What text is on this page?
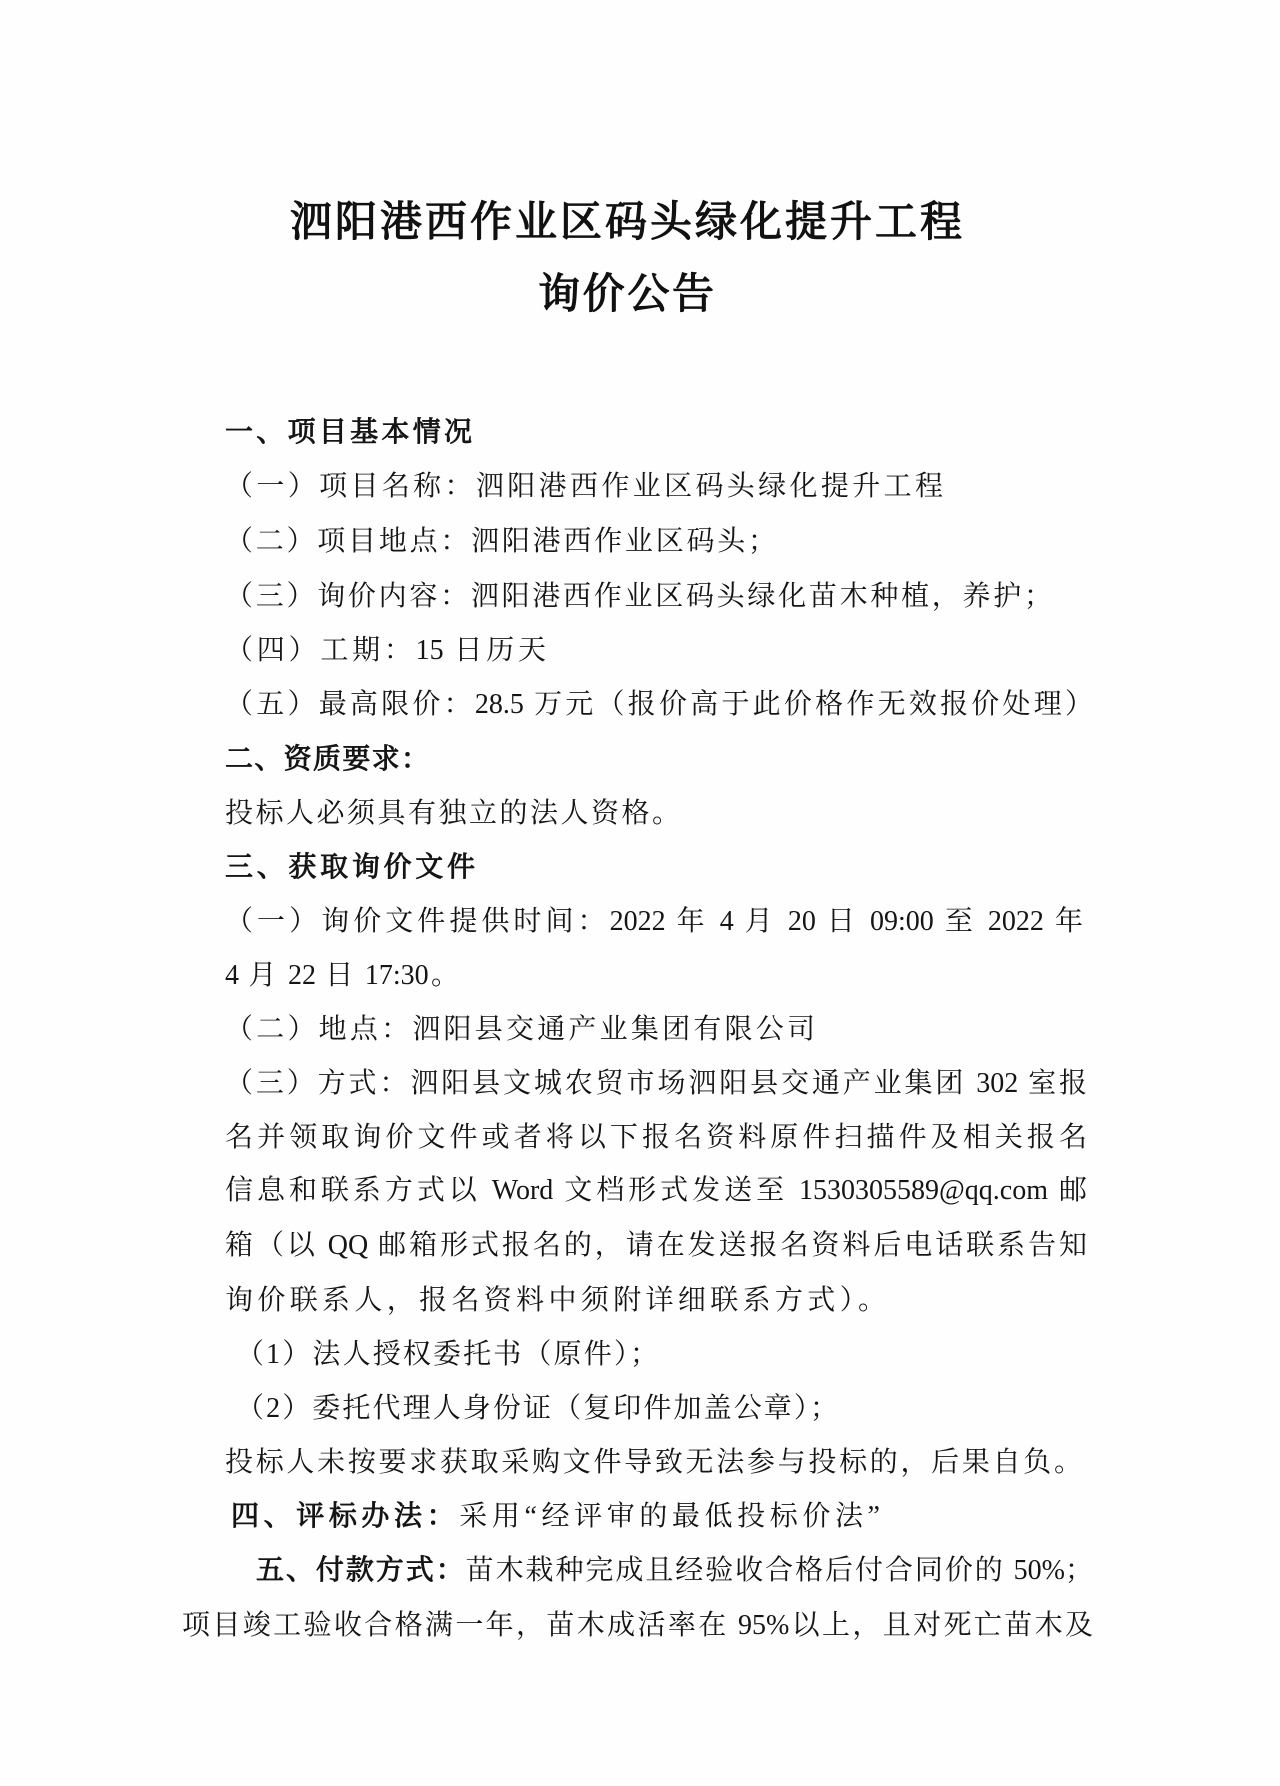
泗阳港西作业区码头绿化提升工程
询价公告
一、项目基本情况
（一）项目名称：泗阳港西作业区码头绿化提升工程
（二）项目地点：泗阳港西作业区码头；
（三）询价内容：泗阳港西作业区码头绿化苗木种植，养护；
（四）工期：15 日历天
（五）最高限价：28.5 万元（报价高于此价格作无效报价处理）
二、资质要求：
投标人必须具有独立的法人资格。
三、获取询价文件
（一）询价文件提供时间：2022 年 4 月 20 日 09:00 至 2022 年
4 月 22 日 17:30。
（二）地点：泗阳县交通产业集团有限公司
（三）方式：泗阳县文城农贸市场泗阳县交通产业集团 302 室报
名并领取询价文件或者将以下报名资料原件扫描件及相关报名
信息和联系方式以 Word 文档形式发送至 1530305589@qq.com 邮
箱（以 QQ 邮箱形式报名的，请在发送报名资料后电话联系告知
询价联系人，报名资料中须附详细联系方式）。
（1）法人授权委托书（原件）；
（2）委托代理人身份证（复印件加盖公章）；
投标人未按要求获取采购文件导致无法参与投标的，后果自负。
四、评标办法：采用“经评审的最低投标价法”
五、付款方式：苗木栽种完成且经验收合格后付合同价的 50%；
项目竣工验收合格满一年，苗木成活率在 95%以上，且对死亡苗木及
